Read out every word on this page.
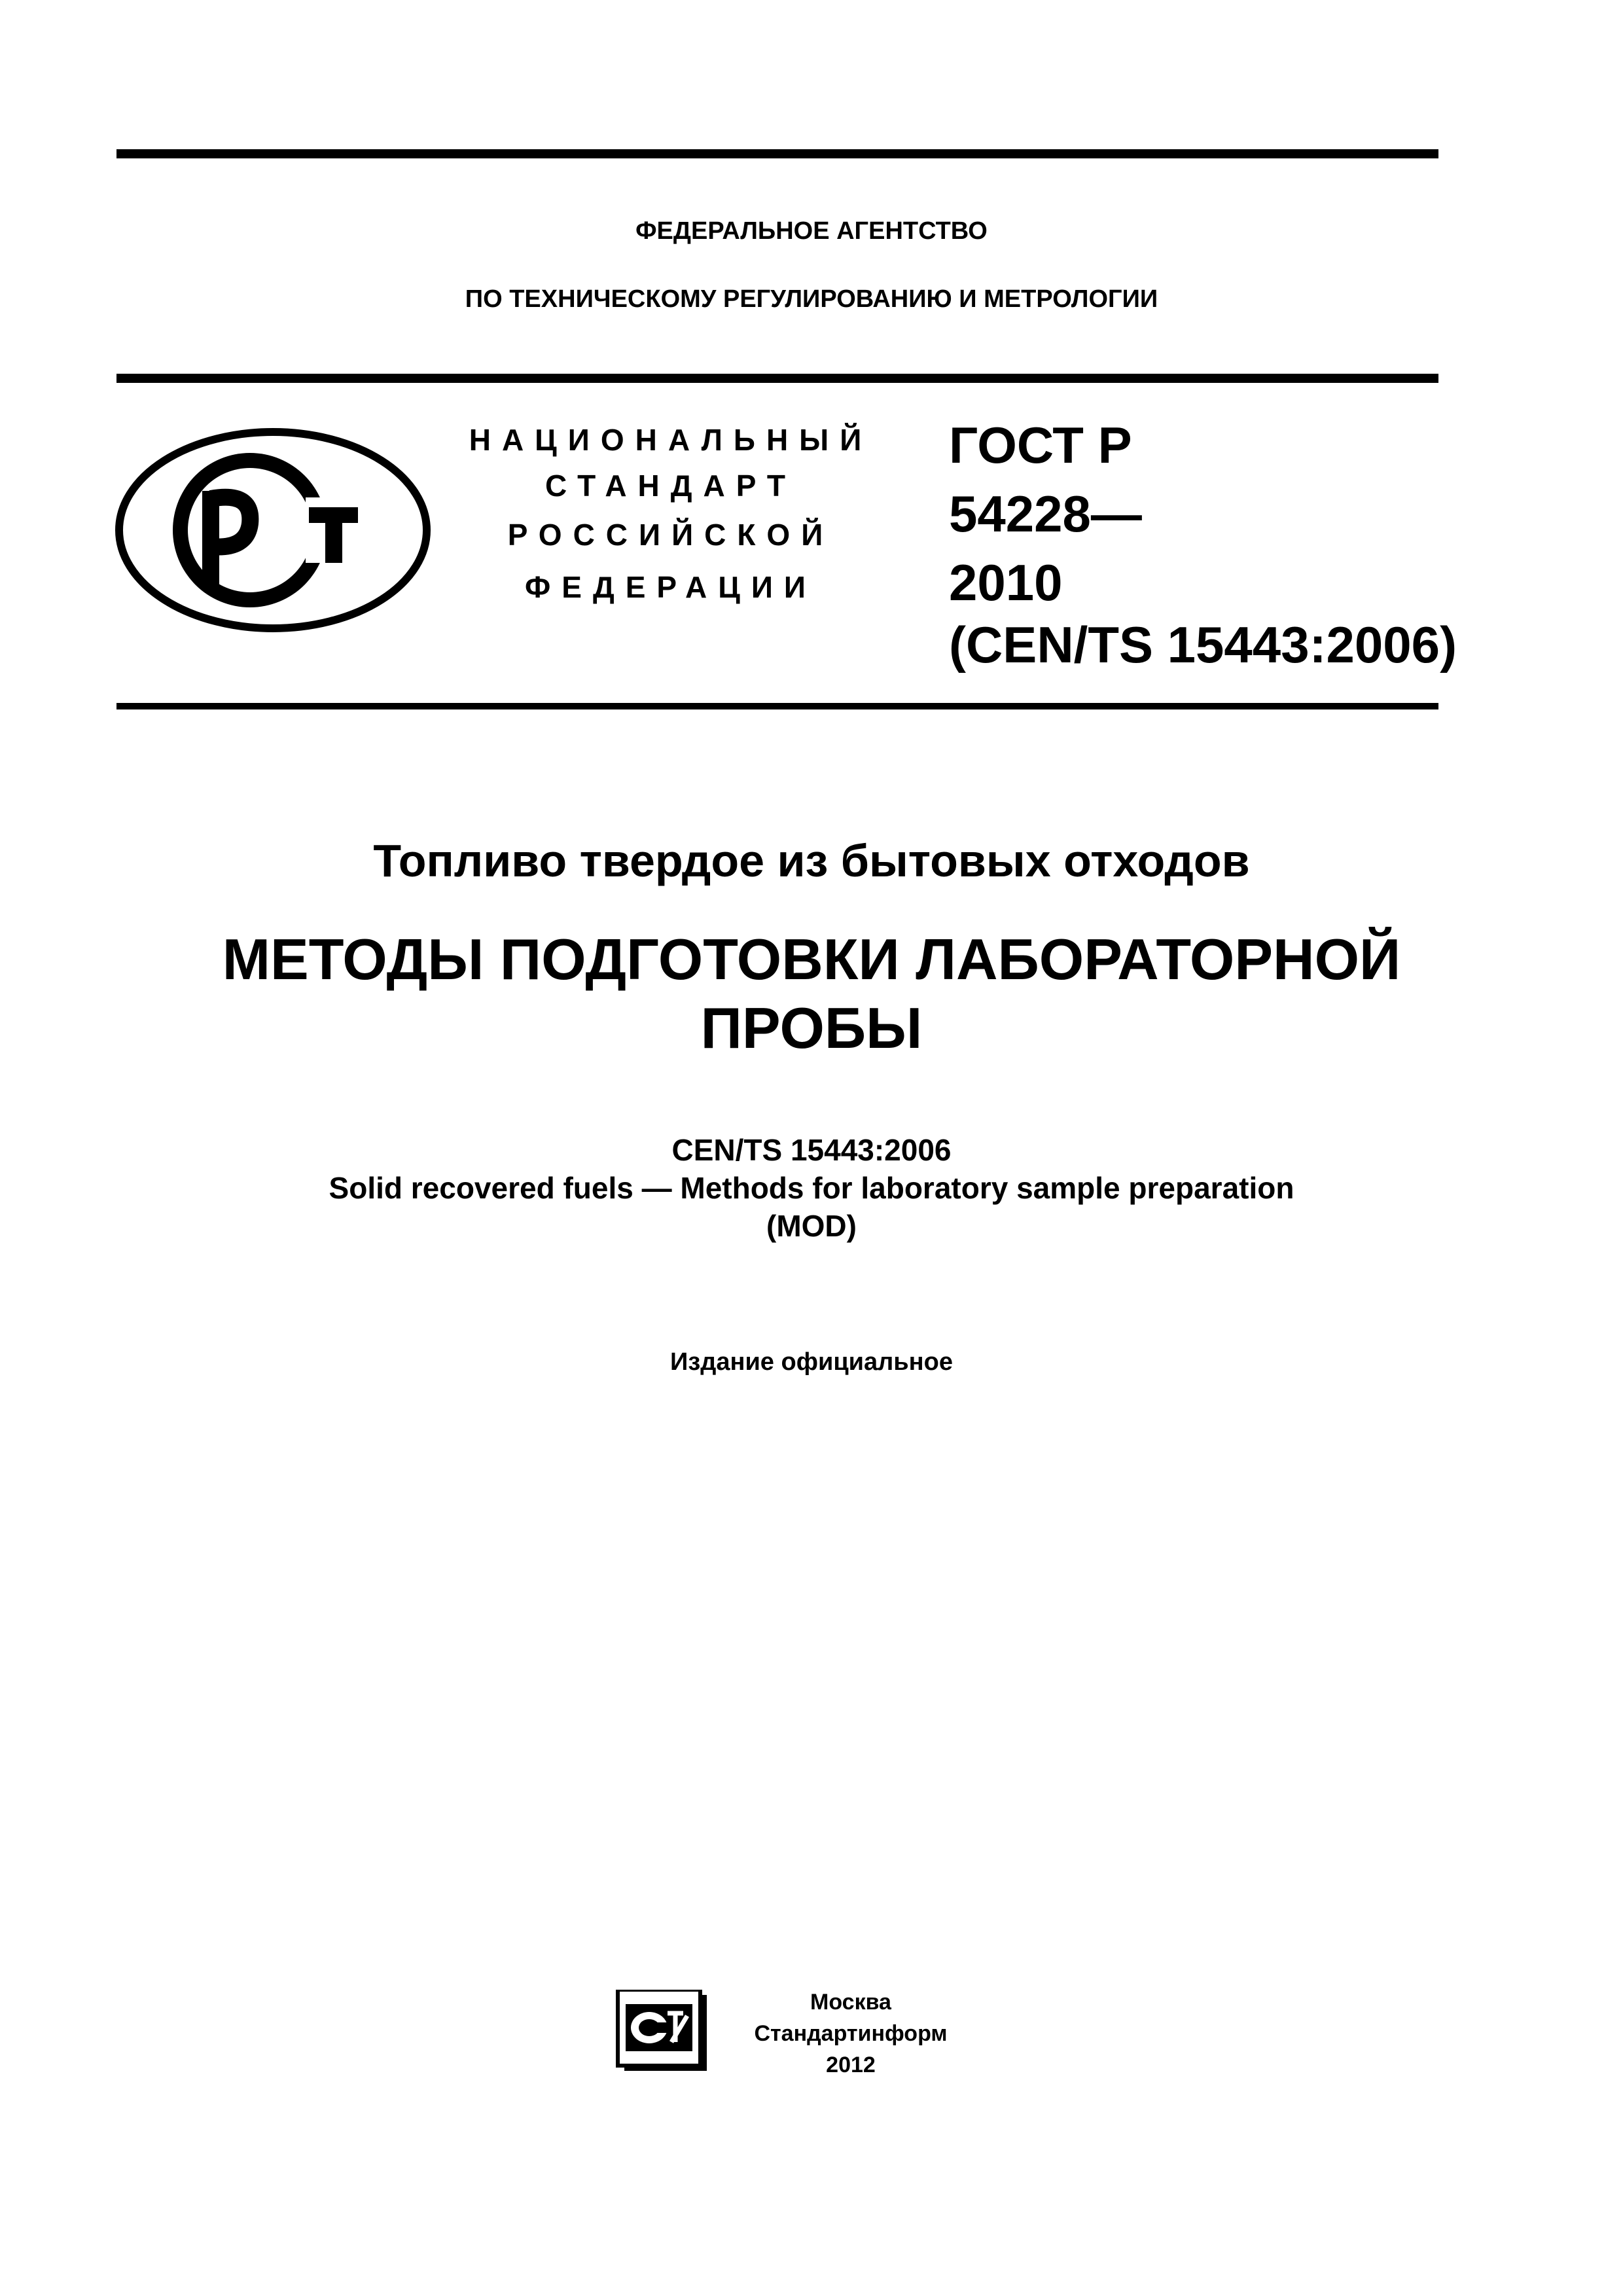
ФЕДЕРАЛЬНОЕ АГЕНТСТВО
ПО ТЕХНИЧЕСКОМУ РЕГУЛИРОВАНИЮ И МЕТРОЛОГИИ
НАЦИОНАЛЬНЫЙ
СТАНДАРТ
РОССИЙСКОЙ
ФЕДЕРАЦИИ
ГОСТ Р
54228—
2010
(CEN/TS 15443:2006)
Топливо твердое из бытовых отходов
МЕТОДЫ ПОДГОТОВКИ ЛАБОРАТОРНОЙ
ПРОБЫ
CEN/TS 15443:2006
Solid recovered fuels — Methods for laboratory sample preparation
(MOD)
Издание официальное
Москва
Стандартинформ
2012
